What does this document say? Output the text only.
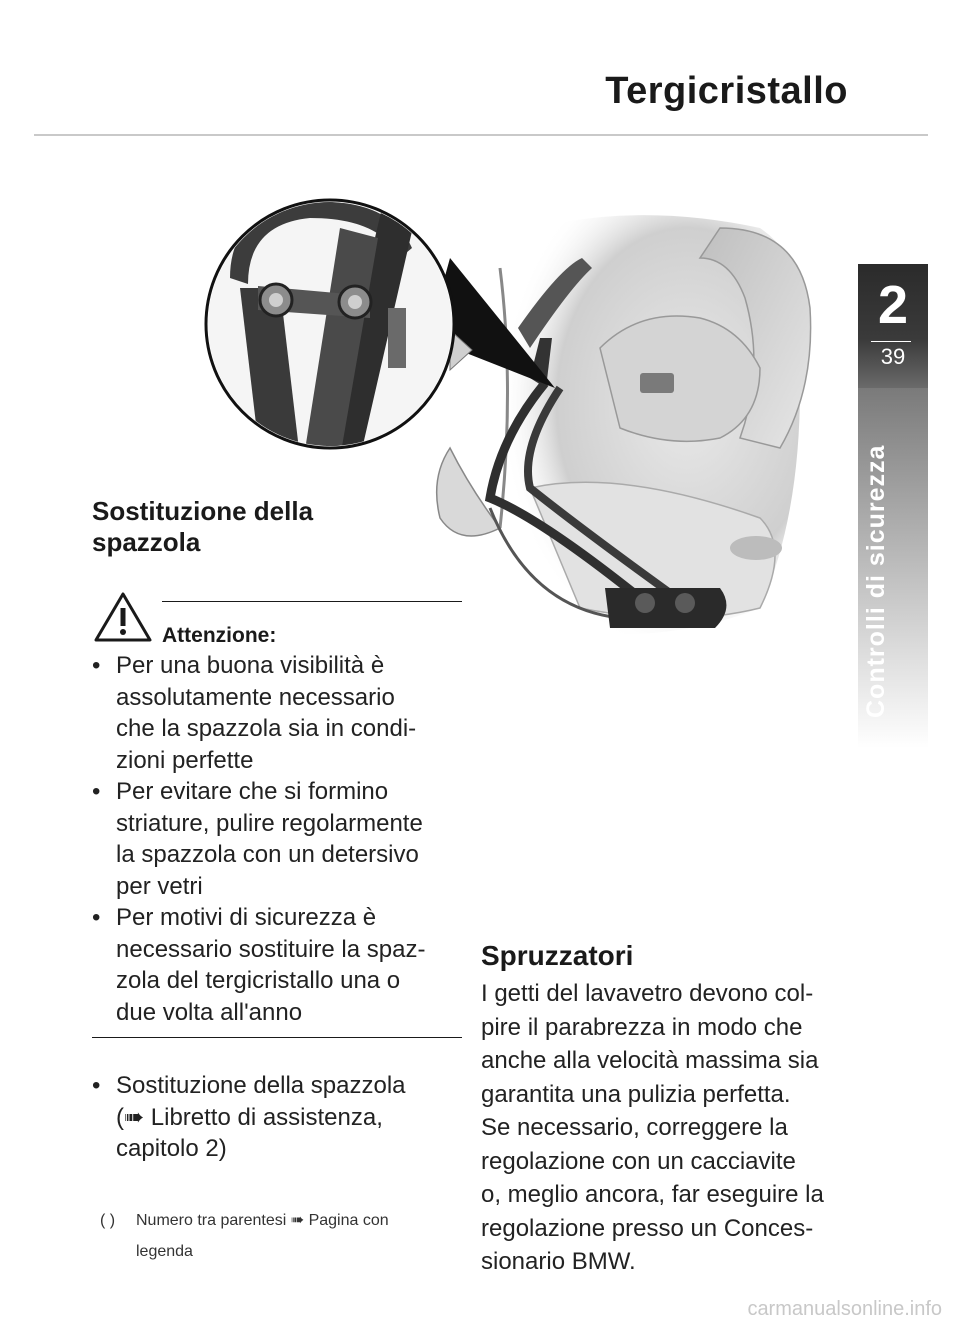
Tergicristallo
2
39
Controlli di sicurezza
Sostituzione della
spazzola
Attenzione:
• Per una buona visibilità è
assolutamente necessario
che la spazzola sia in condi-
zioni perfette
• Per evitare che si formino
striature, pulire regolarmente
la spazzola con un detersivo
per vetri
• Per motivi di sicurezza è
necessario sostituire la spaz-
zola del tergicristallo una o
due volta all'anno
• Sostituzione della spazzola
(➠ Libretto di assistenza,
capitolo 2)
( ) Numero tra parentesi ➠ Pagina con
legenda
Spruzzatori
I getti del lavavetro devono col-
pire il parabrezza in modo che
anche alla velocità massima sia
garantita una pulizia perfetta.
Se necessario, correggere la
regolazione con un cacciavite
o, meglio ancora, far eseguire la
regolazione presso un Conces-
sionario BMW.
carmanualsonline.info
